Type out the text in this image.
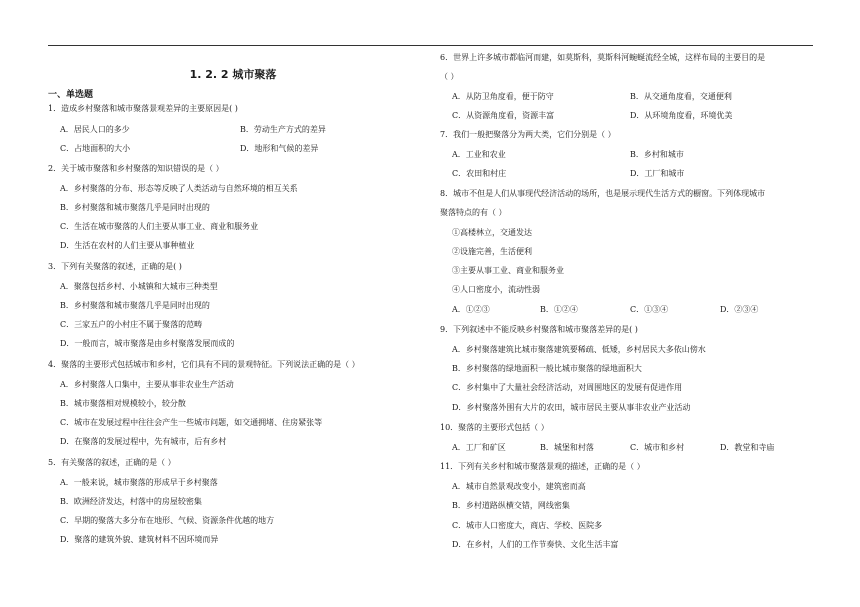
1. 2. 2 城市聚落
一、单选题
1．造成乡村聚落和城市聚落景观差异的主要原因是( )
A．居民人口的多少	B．劳动生产方式的差异
C．占地面积的大小	D．地形和气候的差异
2．关于城市聚落和乡村聚落的知识错误的是（ ）
A．乡村聚落的分布、形态等反映了人类活动与自然环境的相互关系
B．乡村聚落和城市聚落几乎是同时出现的
C．生活在城市聚落的人们主要从事工业、商业和服务业
D．生活在农村的人们主要从事种植业
3．下列有关聚落的叙述，正确的是( )
A．聚落包括乡村、小城镇和大城市三种类型
B．乡村聚落和城市聚落几乎是同时出现的
C．三家五户的小村庄不属于聚落的范畴
D．一般而言，城市聚落是由乡村聚落发展而成的
4．聚落的主要形式包括城市和乡村，它们具有不同的景观特征。下列说法正确的是（ ）
A．乡村聚落人口集中，主要从事非农业生产活动
B．城市聚落相对规模较小，较分散
C．城市在发展过程中往往会产生一些城市问题，如交通拥堵、住房紧张等
D．在聚落的发展过程中，先有城市，后有乡村
5．有关聚落的叙述，正确的是（ ）
A．一般来说，城市聚落的形成早于乡村聚落
B．欧洲经济发达，村落中的房屋较密集
C．早期的聚落大多分布在地形、气候、资源条件优越的地方
D．聚落的建筑外貌、建筑材料不因环境而异
6．世界上许多城市都临河而建，如莫斯科，莫斯科河蜿蜒流经全城，这样布局的主要目的是
（ ）
A．从防卫角度看，便于防守	B．从交通角度看，交通便利
C．从资源角度看，资源丰富	D．从环境角度看，环境优美
7．我们一般把聚落分为两大类，它们分别是（ ）
A．工业和农业	B．乡村和城市
C．农田和村庄	D．工厂和城市
8．城市不但是人们从事现代经济活动的场所，也是展示现代生活方式的橱窗。下列体现城市
聚落特点的有（ ）
①高楼林立，交通发达
②设施完善，生活便利
③主要从事工业、商业和服务业
④人口密度小，流动性弱
A．①②③	B．①②④	C．①③④	D．②③④
9．下列叙述中不能反映乡村聚落和城市聚落差异的是( )
A．乡村聚落建筑比城市聚落建筑要稀疏、低矮，乡村居民大多依山傍水
B．乡村聚落的绿地面积一般比城市聚落的绿地面积大
C．乡村集中了大量社会经济活动，对周围地区的发展有促进作用
D．乡村聚落外围有大片的农田，城市居民主要从事非农业产业活动
10．聚落的主要形式包括（ ）
A．工厂和矿区	B．城堡和村落	C．城市和乡村	D．教堂和寺庙
11．下列有关乡村和城市聚落景观的描述，正确的是（ ）
A．城市自然景观改变小，建筑密而高
B．乡村道路纵横交错，网线密集
C．城市人口密度大，商店、学校、医院多
D．在乡村，人们的工作节奏快、文化生活丰富
